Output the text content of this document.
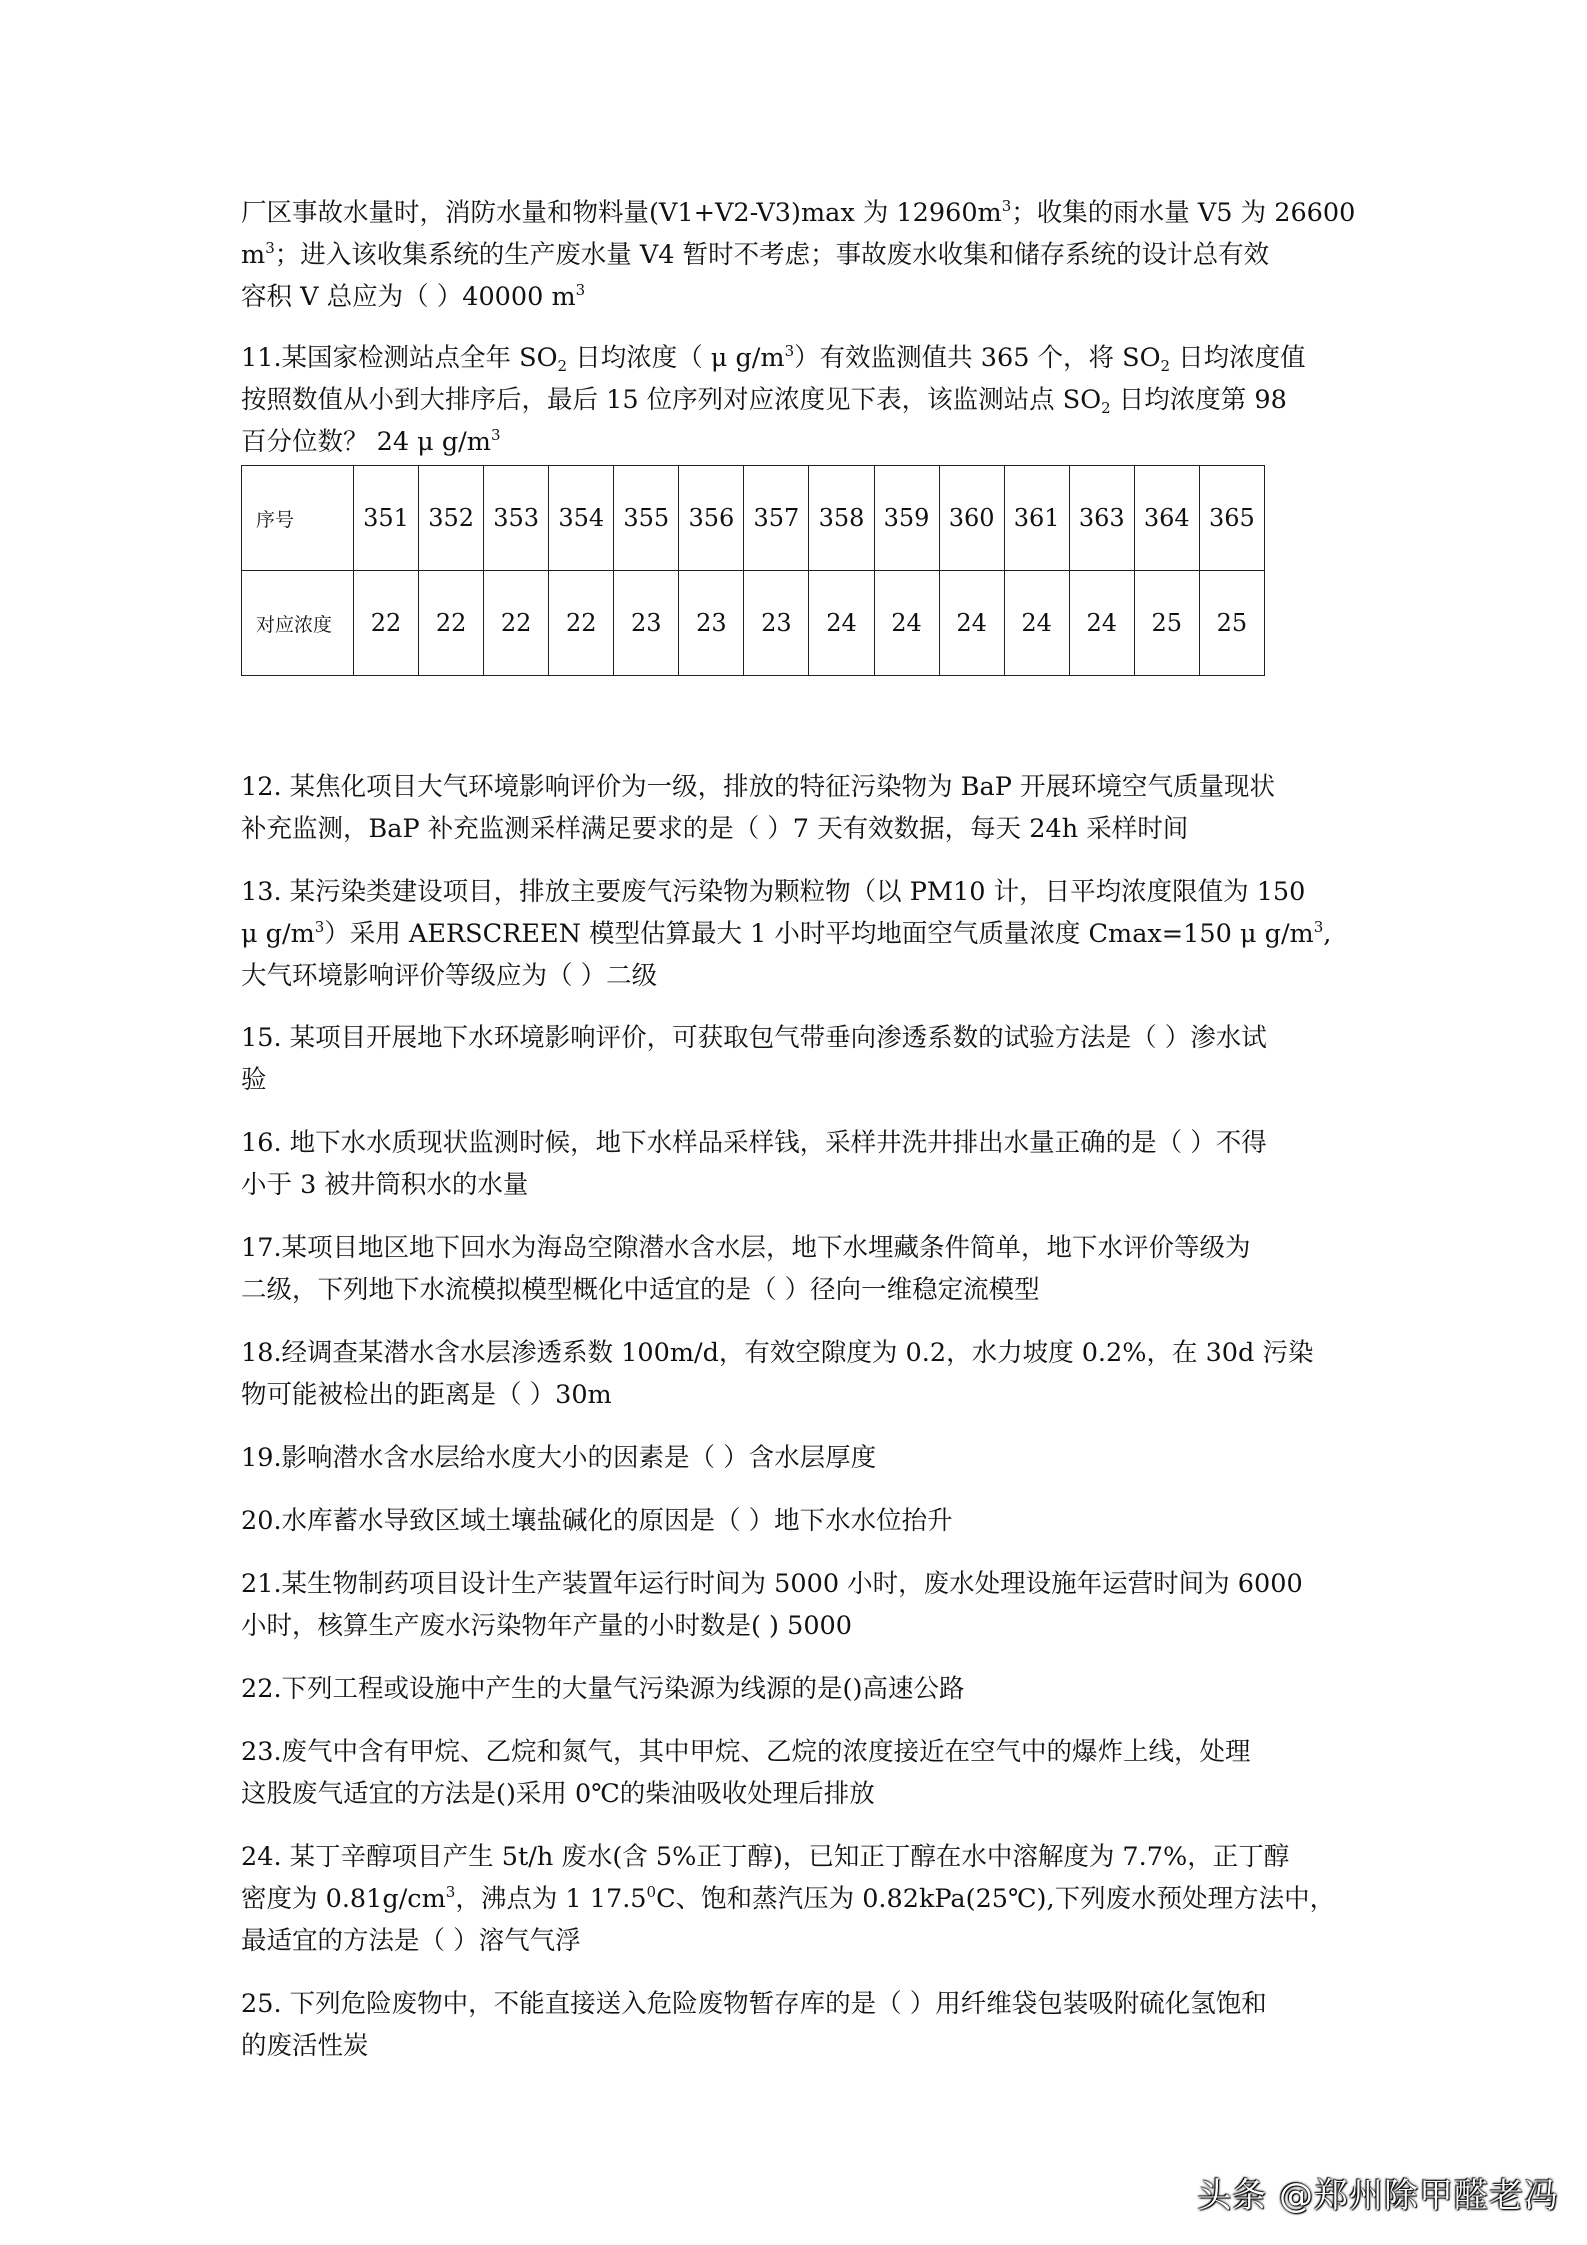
厂区事故水量时，消防水量和物料量(V1+V2-V3)max 为 $12960m^3$；收集的雨水量 V5 为 26600
$m^3$；进入该收集系统的生产废水量 V4 暂时不考虑；事故废水收集和储存系统的设计总有效
容积 V 总应为（ ）40000 $m^3$
11.某国家检测站点全年 $SO_2$ 日均浓度（ μ $g/m^3$）有效监测值共 365 个，将 $SO_2$ 日均浓度值
按照数值从小到大排序后，最后 15 位序列对应浓度见下表，该监测站点 $SO_2$ 日均浓度第 98
百分位数？ 24 μ $g/m^3$
序号	351	352	353	354	355	356	357	358	359	360	361	363	364	365
对应浓度	22	22	22	22	23	23	23	24	24	24	24	24	25	25
12. 某焦化项目大气环境影响评价为一级，排放的特征污染物为 BaP 开展环境空气质量现状
补充监测，BaP 补充监测采样满足要求的是（ ）7 天有效数据，每天 24h 采样时间
13. 某污染类建设项目，排放主要废气污染物为颗粒物（以 PM10 计，日平均浓度限值为 150
μ $g/m^3$）采用 AERSCREEN 模型估算最大 1 小时平均地面空气质量浓度 Cmax=150 μ $g/m^3$,
大气环境影响评价等级应为（ ）二级
15. 某项目开展地下水环境影响评价，可获取包气带垂向渗透系数的试验方法是（ ）渗水试
验
16. 地下水水质现状监测时候，地下水样品采样钱，采样井洗井排出水量正确的是（ ）不得
小于 3 被井筒积水的水量
17.某项目地区地下回水为海岛空隙潜水含水层，地下水埋藏条件简单，地下水评价等级为
二级，下列地下水流模拟模型概化中适宜的是（ ）径向一维稳定流模型
18.经调查某潜水含水层渗透系数 100m/d，有效空隙度为 0.2，水力坡度 0.2%，在 30d 污染
物可能被检出的距离是（ ）30m
19.影响潜水含水层给水度大小的因素是（ ）含水层厚度
20.水库蓄水导致区域土壤盐碱化的原因是（ ）地下水水位抬升
21.某生物制药项目设计生产装置年运行时间为 5000 小时，废水处理设施年运营时间为 6000
小时，核算生产废水污染物年产量的小时数是( ) 5000
22.下列工程或设施中产生的大量气污染源为线源的是()高速公路
23.废气中含有甲烷、乙烷和氮气，其中甲烷、乙烷的浓度接近在空气中的爆炸上线，处理
这股废气适宜的方法是()采用 0℃的柴油吸收处理后排放
24. 某丁辛醇项目产生 5t/h 废水(含 5%正丁醇)，已知正丁醇在水中溶解度为 7.7%，正丁醇
密度为 $0.81g/cm^3$，沸点为 1 17.5$^0$C、饱和蒸汽压为 0.82kPa(25℃),下列废水预处理方法中，
最适宜的方法是（ ）溶气气浮
25. 下列危险废物中，不能直接送入危险废物暂存库的是（ ）用纤维袋包装吸附硫化氢饱和
的废活性炭
头条 @郑州除甲醛老冯
